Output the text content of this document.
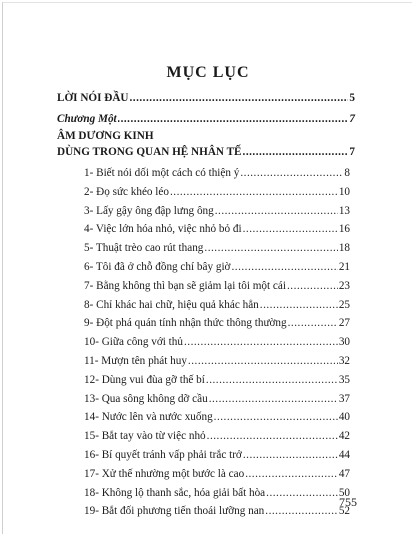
MỤC LỤC
LỜI NÓI ĐẦU .....	5
Chương Một .....	7
ÂM DƯƠNG KINH
DÙNG TRONG QUAN HỆ NHÂN TẾ .....	7
1- Biết nói dối một cách có thiện ý .....	8
2- Đọ sức khéo léo .....	10
3- Lấy gậy ông đập lưng ông .....	13
4- Việc lớn hóa nhỏ, việc nhỏ bỏ đi .....	16
5- Thuật trèo cao rút thang .....	18
6- Tôi đã ở chỗ đồng chí bây giờ .....	21
7- Bằng không thì bạn sẽ giảm lại tôi một cái .....	23
8- Chỉ khác hai chữ, hiệu quả khác hẳn .....	25
9- Đột phá quán tính nhận thức thông thường .....	27
10- Giữa công với thủ .....	30
11- Mượn tên phát huy .....	32
12- Dùng vui đùa gỡ thế bí .....	35
13- Qua sông không dỡ cầu .....	37
14- Nước lên và nước xuống .....	40
15- Bắt tay vào từ việc nhỏ .....	42
16- Bí quyết tránh vấp phải trắc trở .....	44
17- Xử thế nhường một bước là cao .....	47
18- Không lộ thanh sắc, hóa giải bất hòa .....	50
19- Bắt đối phương tiến thoái lưỡng nan .....	52
755
